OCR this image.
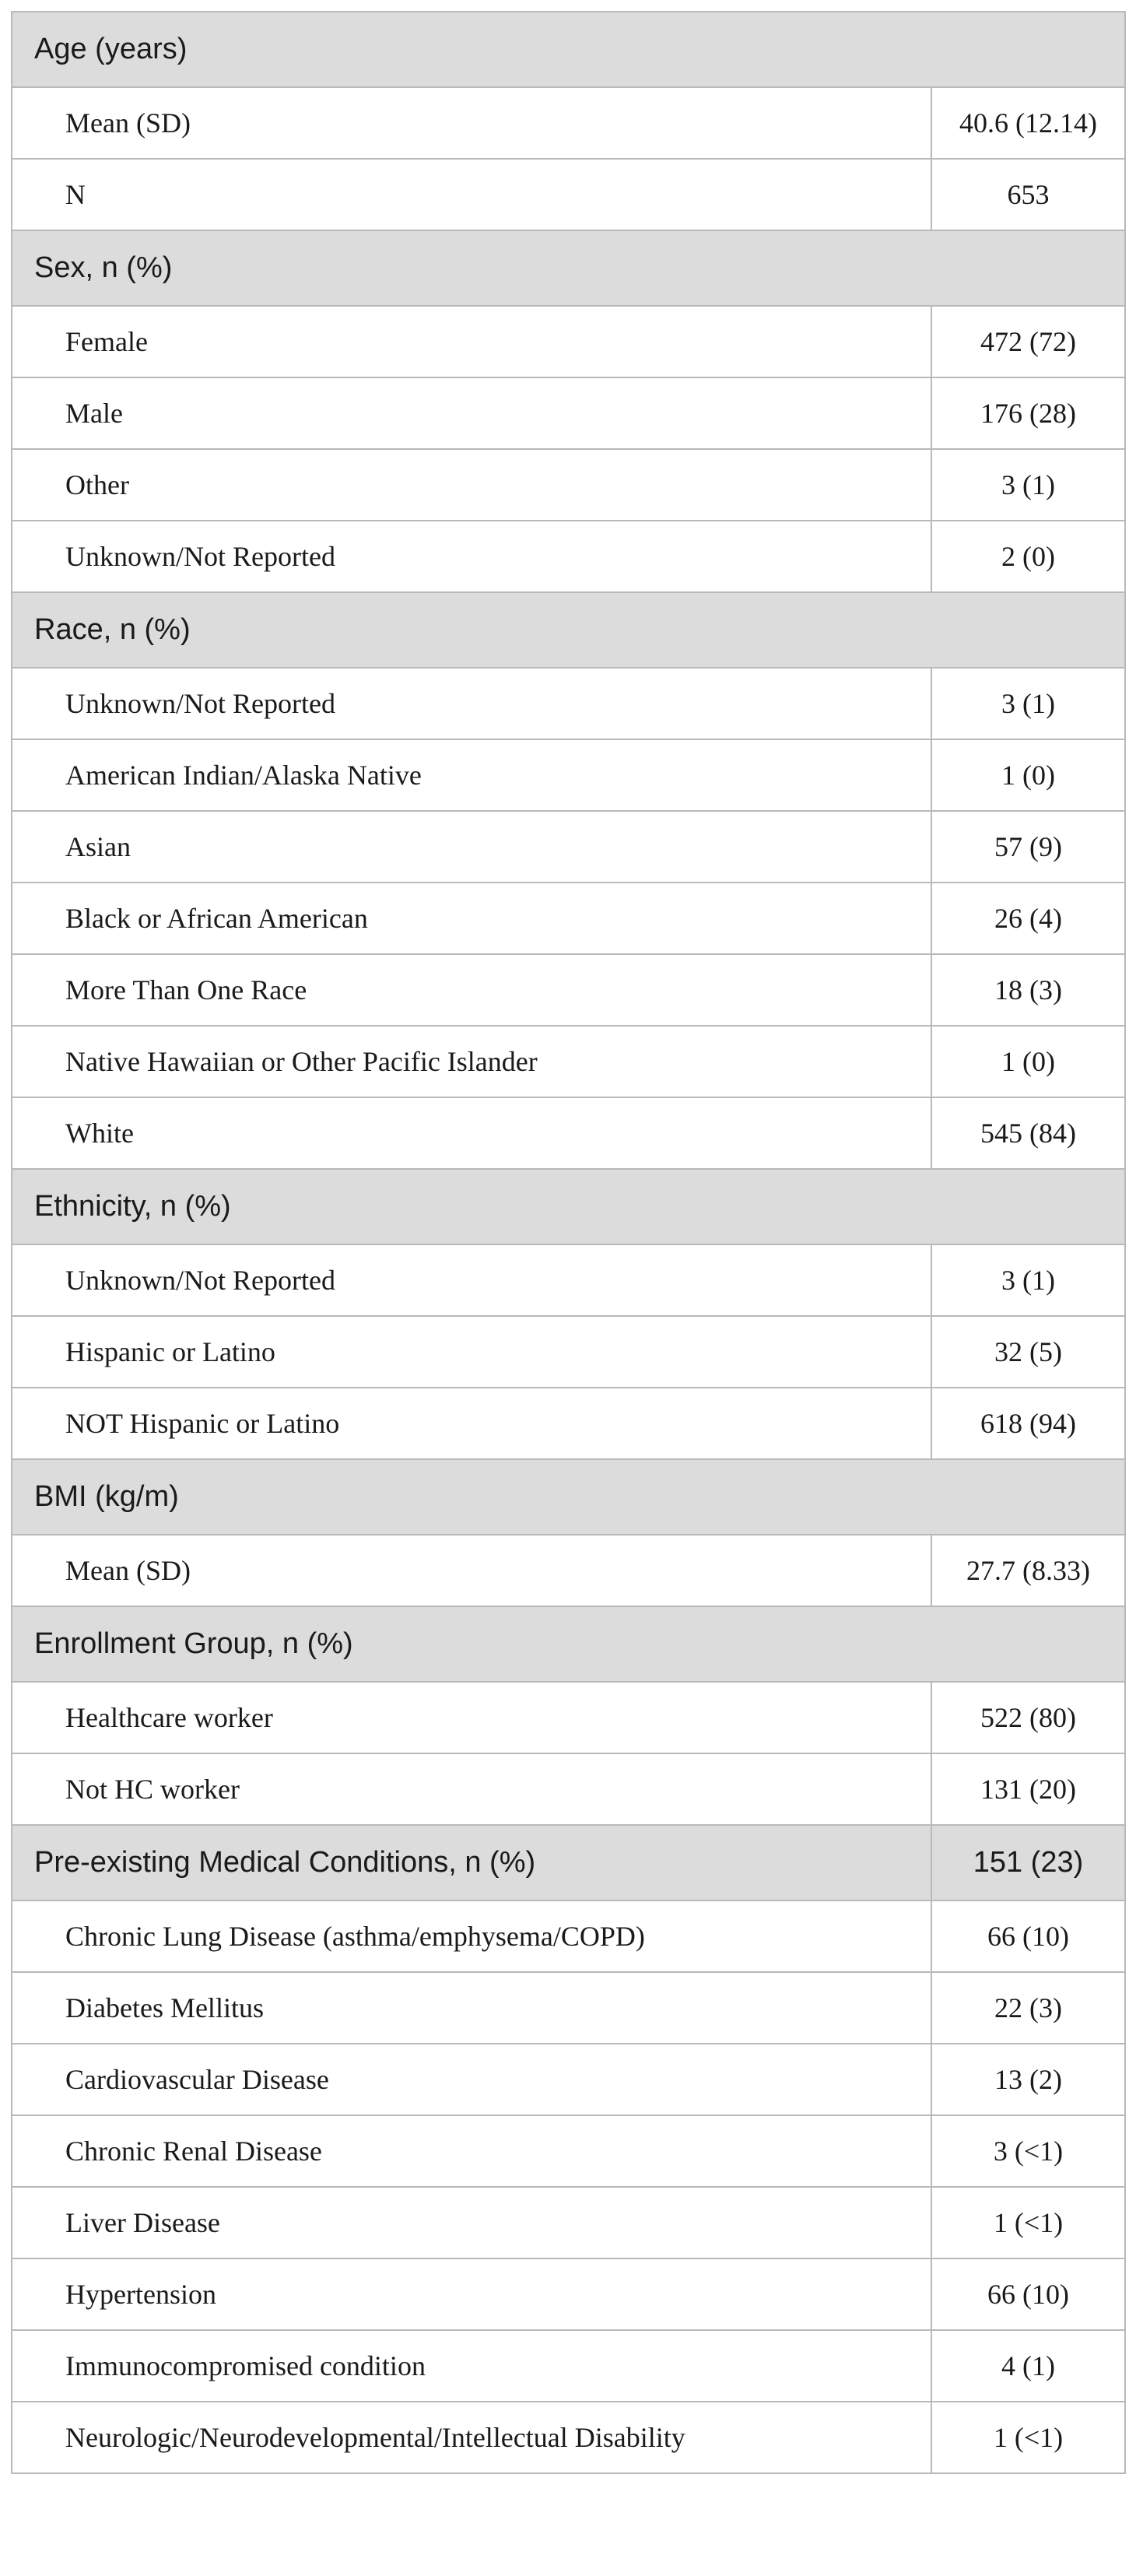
Age (years)	
Mean (SD)	40.6 (12.14)
N	653
Sex, n (%)	
Female	472 (72)
Male	176 (28)
Other	3 (1)
Unknown/Not Reported	2 (0)
Race, n (%)	
Unknown/Not Reported	3 (1)
American Indian/Alaska Native	1 (0)
Asian	57 (9)
Black or African American	26 (4)
More Than One Race	18 (3)
Native Hawaiian or Other Pacific Islander	1 (0)
White	545 (84)
Ethnicity, n (%)	
Unknown/Not Reported	3 (1)
Hispanic or Latino	32 (5)
NOT Hispanic or Latino	618 (94)
BMI (kg/m)	
Mean (SD)	27.7 (8.33)
Enrollment Group, n (%)	
Healthcare worker	522 (80)
Not HC worker	131 (20)
Pre-existing Medical Conditions, n (%)	151 (23)
Chronic Lung Disease (asthma/emphysema/COPD)	66 (10)
Diabetes Mellitus	22 (3)
Cardiovascular Disease	13 (2)
Chronic Renal Disease	3 (<1)
Liver Disease	1 (<1)
Hypertension	66 (10)
Immunocompromised condition	4 (1)
Neurologic/Neurodevelopmental/Intellectual Disability	1 (<1)
